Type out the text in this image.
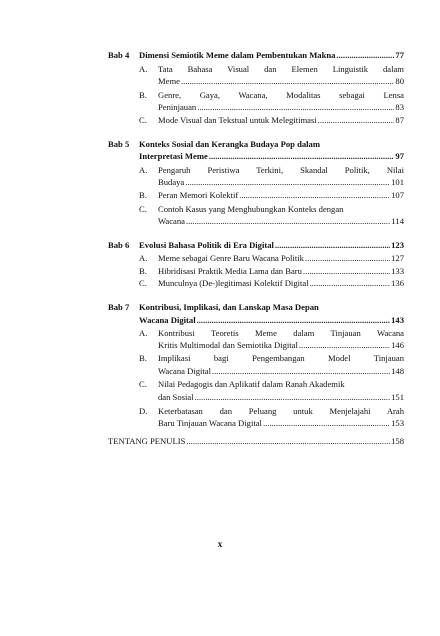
Bab 4 Dimensi Semiotik Meme dalam Pembentukan Makna .....	77
A. Tata Bahasa Visual dan Elemen Linguistik dalam
Meme .....	80
B. Genre, Gaya, Wacana, Modalitas sebagai Lensa
Peninjauan .....	83
C. Mode Visual dan Tekstual untuk Melegitimasi .....	87
Bab 5 Konteks Sosial dan Kerangka Budaya Pop dalam
Interpretasi Meme .....	97
A. Pengaruh Peristiwa Terkini, Skandal Politik, Nilai
Budaya .....	101
B. Peran Memori Kolektif .....	107
C. Contoh Kasus yang Menghubungkan Konteks dengan
Wacana .....	114
Bab 6 Evolusi Bahasa Politik di Era Digital .....	123
A. Meme sebagai Genre Baru Wacana Politik .....	127
B. Hibridisasi Praktik Media Lama dan Baru .....	133
C. Munculnya (De-)legitimasi Kolektif Digital .....	136
Bab 7 Kontribusi, Implikasi, dan Lanskap Masa Depan
Wacana Digital .....	143
A. Kontribusi Teoretis Meme dalam Tinjauan Wacana
Kritis Multimodal dan Semiotika Digital .....	146
B. Implikasi bagi Pengembangan Model Tinjauan
Wacana Digital .....	148
C. Nilai Pedagogis dan Aplikatif dalam Ranah Akademik
dan Sosial .....	151
D. Keterbatasan dan Peluang untuk Menjelajahi Arah
Baru Tinjauan Wacana Digital .....	153
TENTANG PENULIS .....	158
x
